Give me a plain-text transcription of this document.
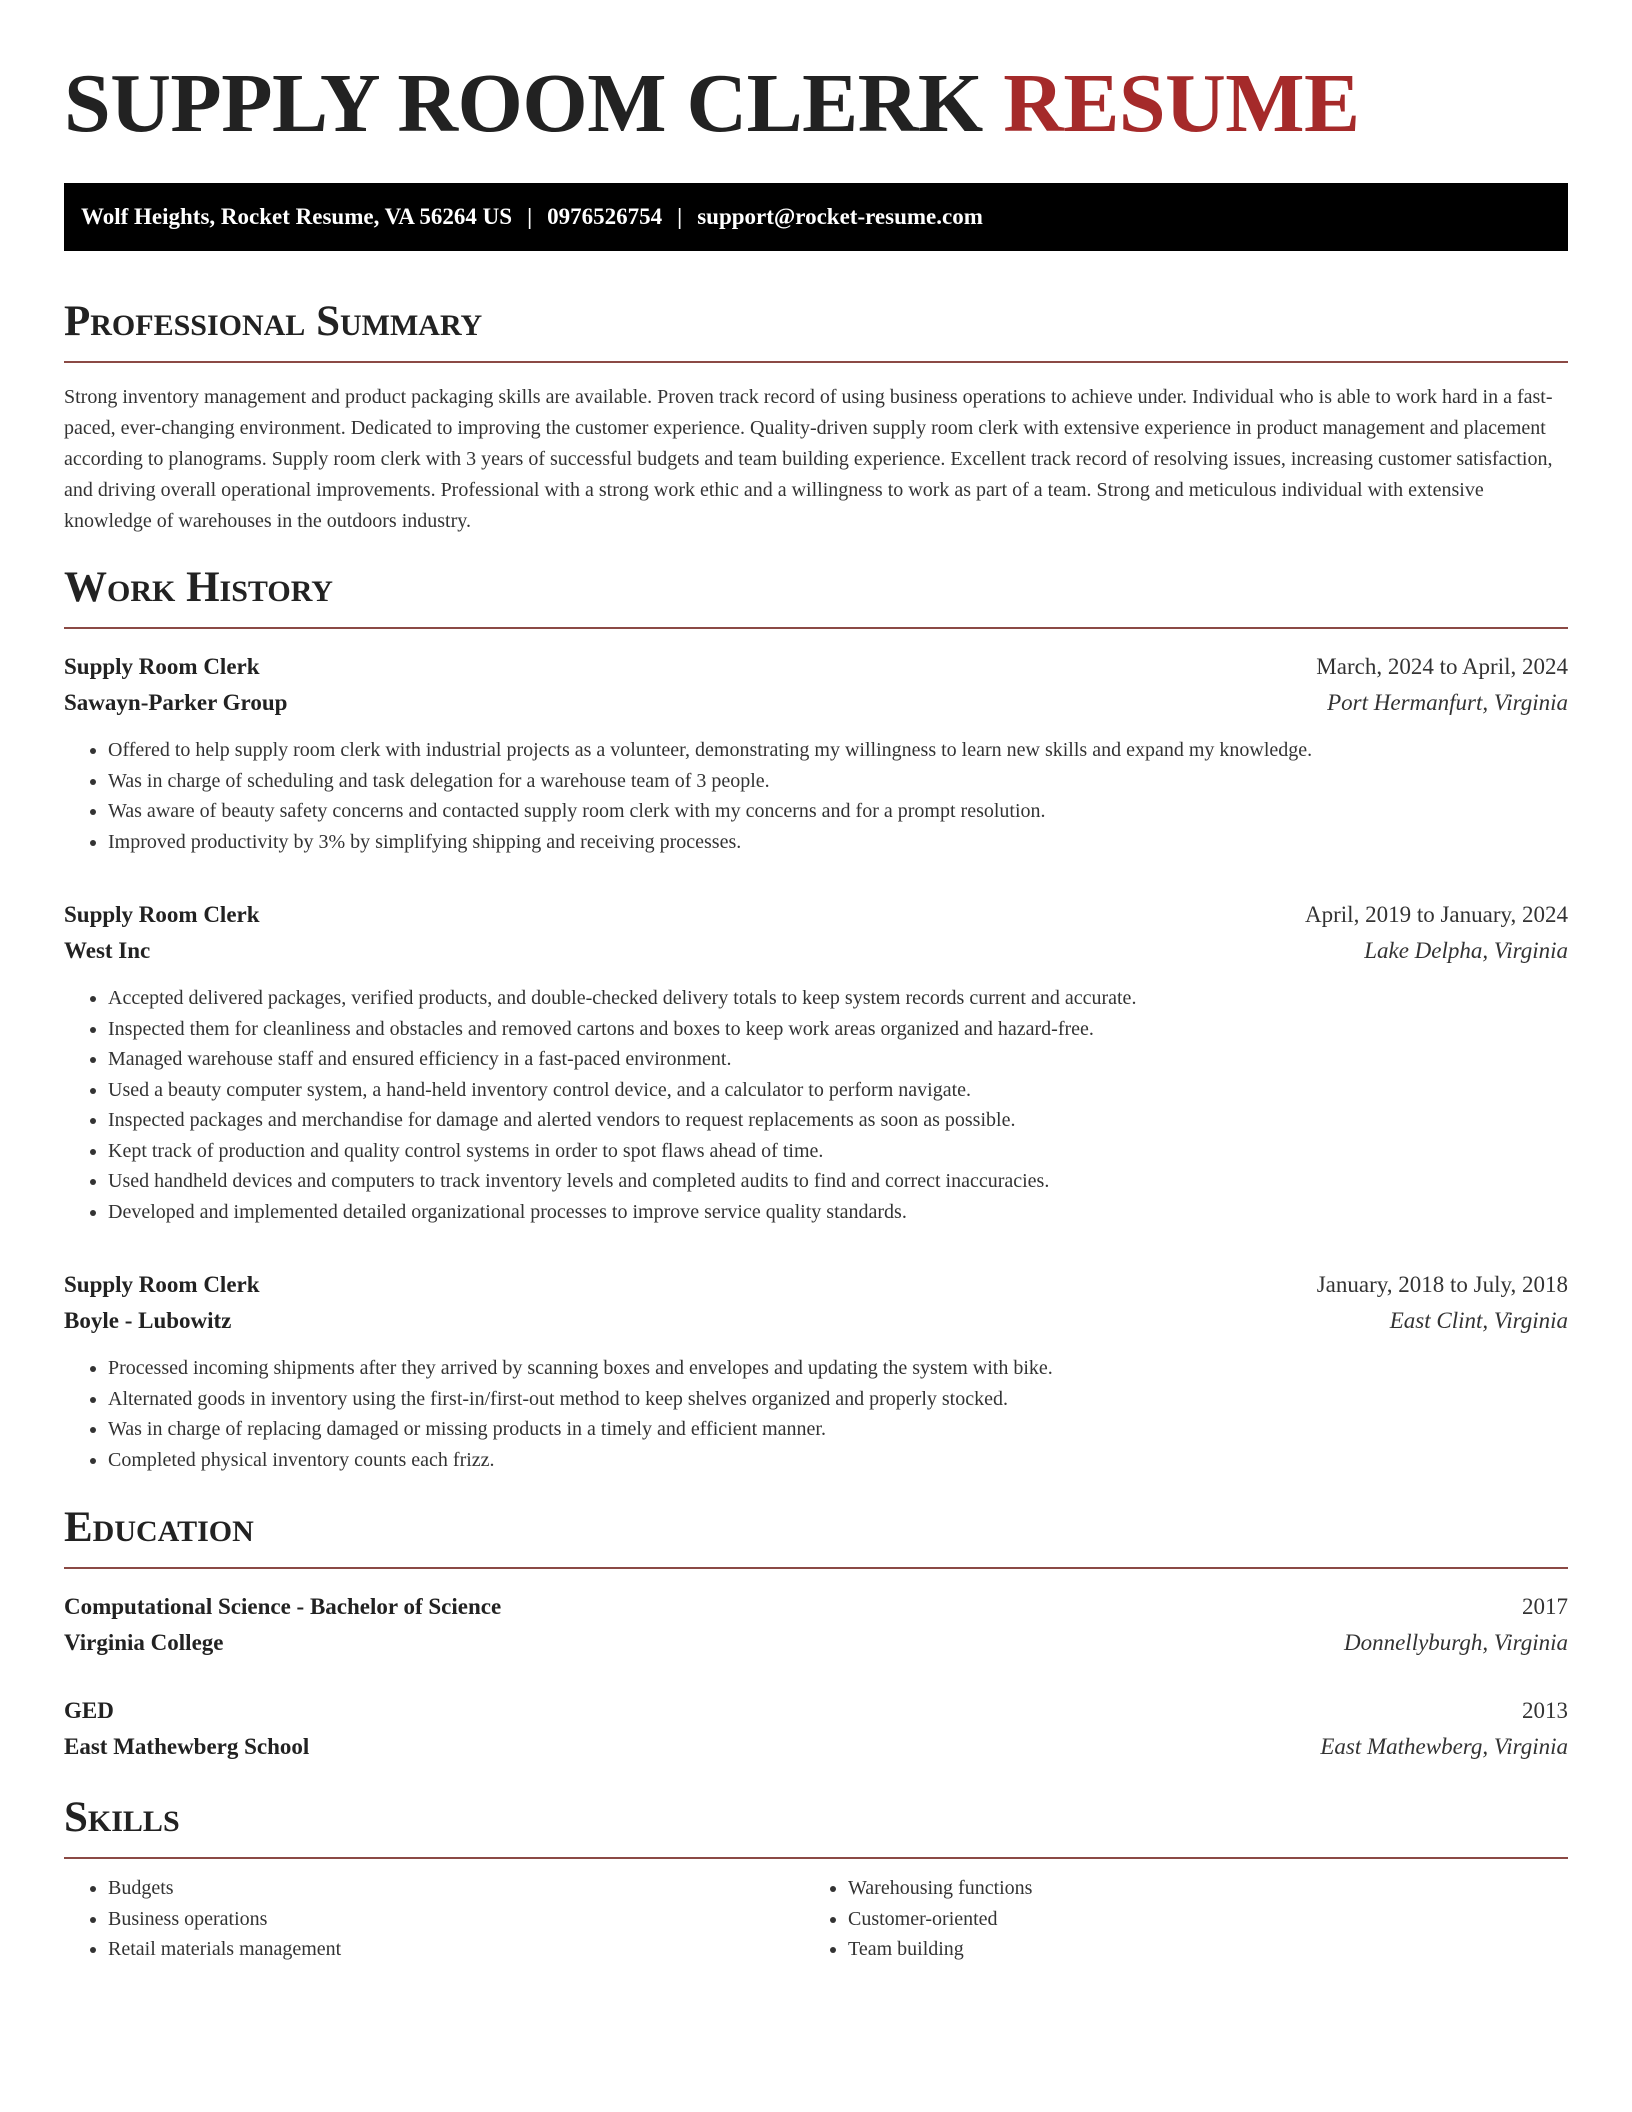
SUPPLY ROOM CLERK RESUME
Wolf Heights, Rocket Resume, VA 56264 US | 0976526754 | support@rocket-resume.com
Professional Summary

Strong inventory management and product packaging skills are available. Proven track record of using business operations to achieve under. Individual who is able to work hard in a fast-paced, ever-changing environment. Dedicated to improving the customer experience. Quality-driven supply room clerk with extensive experience in product management and placement according to planograms. Supply room clerk with 3 years of successful budgets and team building experience. Excellent track record of resolving issues, increasing customer satisfaction, and driving overall operational improvements. Professional with a strong work ethic and a willingness to work as part of a team. Strong and meticulous individual with extensive knowledge of warehouses in the outdoors industry.

Work History
Supply Room Clerk	March, 2024 to April, 2024
Sawayn-Parker Group	Port Hermanfurt, Virginia
• Offered to help supply room clerk with industrial projects as a volunteer, demonstrating my willingness to learn new skills and expand my knowledge.
• Was in charge of scheduling and task delegation for a warehouse team of 3 people.
• Was aware of beauty safety concerns and contacted supply room clerk with my concerns and for a prompt resolution.
• Improved productivity by 3% by simplifying shipping and receiving processes.
Supply Room Clerk	April, 2019 to January, 2024
West Inc	Lake Delpha, Virginia
• Accepted delivered packages, verified products, and double-checked delivery totals to keep system records current and accurate.
• Inspected them for cleanliness and obstacles and removed cartons and boxes to keep work areas organized and hazard-free.
• Managed warehouse staff and ensured efficiency in a fast-paced environment.
• Used a beauty computer system, a hand-held inventory control device, and a calculator to perform navigate.
• Inspected packages and merchandise for damage and alerted vendors to request replacements as soon as possible.
• Kept track of production and quality control systems in order to spot flaws ahead of time.
• Used handheld devices and computers to track inventory levels and completed audits to find and correct inaccuracies.
• Developed and implemented detailed organizational processes to improve service quality standards.
Supply Room Clerk	January, 2018 to July, 2018
Boyle - Lubowitz	East Clint, Virginia
• Processed incoming shipments after they arrived by scanning boxes and envelopes and updating the system with bike.
• Alternated goods in inventory using the first-in/first-out method to keep shelves organized and properly stocked.
• Was in charge of replacing damaged or missing products in a timely and efficient manner.
• Completed physical inventory counts each frizz.
Education
Computational Science - Bachelor of Science	2017
Virginia College	Donnellyburgh, Virginia
GED	2013
East Mathewberg School	East Mathewberg, Virginia
Skills
• Budgets
• Business operations
• Retail materials management
• Warehousing functions
• Customer-oriented
• Team building
